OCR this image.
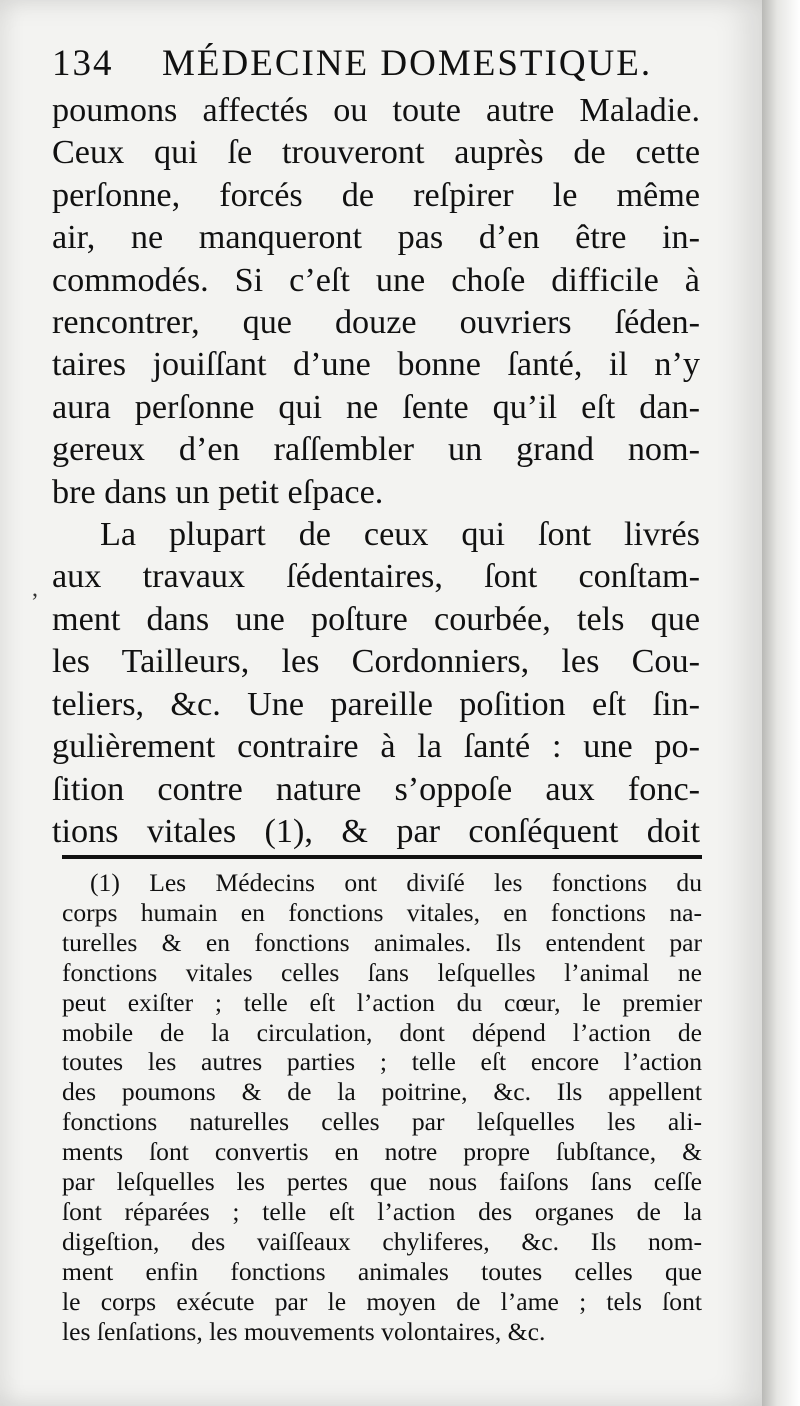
134 MÉDECINE DOMESTIQUE.
,
poumons affectés ou toute autre Maladie.
Ceux qui ſe trouveront auprès de cette
perſonne, forcés de reſpirer le même
air, ne manqueront pas d’en être in-
commodés. Si c’eſt une choſe difficile à
rencontrer, que douze ouvriers ſéden-
taires jouiſſant d’une bonne ſanté, il n’y
aura perſonne qui ne ſente qu’il eſt dan-
gereux d’en raſſembler un grand nom-
bre dans un petit eſpace.
La plupart de ceux qui ſont livrés
aux travaux ſédentaires, ſont conſtam-
ment dans une poſture courbée, tels que
les Tailleurs, les Cordonniers, les Cou-
teliers, &c. Une pareille poſition eſt ſin-
gulièrement contraire à la ſanté : une po-
ſition contre nature s’oppoſe aux fonc-
tions vitales (1), & par conſéquent doit
(1) Les Médecins ont diviſé les fonctions du
corps humain en fonctions vitales, en fonctions na-
turelles & en fonctions animales. Ils entendent par
fonctions vitales celles ſans leſquelles l’animal ne
peut exiſter ; telle eſt l’action du cœur, le premier
mobile de la circulation, dont dépend l’action de
toutes les autres parties ; telle eſt encore l’action
des poumons & de la poitrine, &c. Ils appellent
fonctions naturelles celles par leſquelles les ali-
ments ſont convertis en notre propre ſubſtance, &
par leſquelles les pertes que nous faiſons ſans ceſſe
ſont réparées ; telle eſt l’action des organes de la
digeſtion, des vaiſſeaux chyliferes, &c. Ils nom-
ment enfin fonctions animales toutes celles que
le corps exécute par le moyen de l’ame ; tels ſont
les ſenſations, les mouvements volontaires, &c.
